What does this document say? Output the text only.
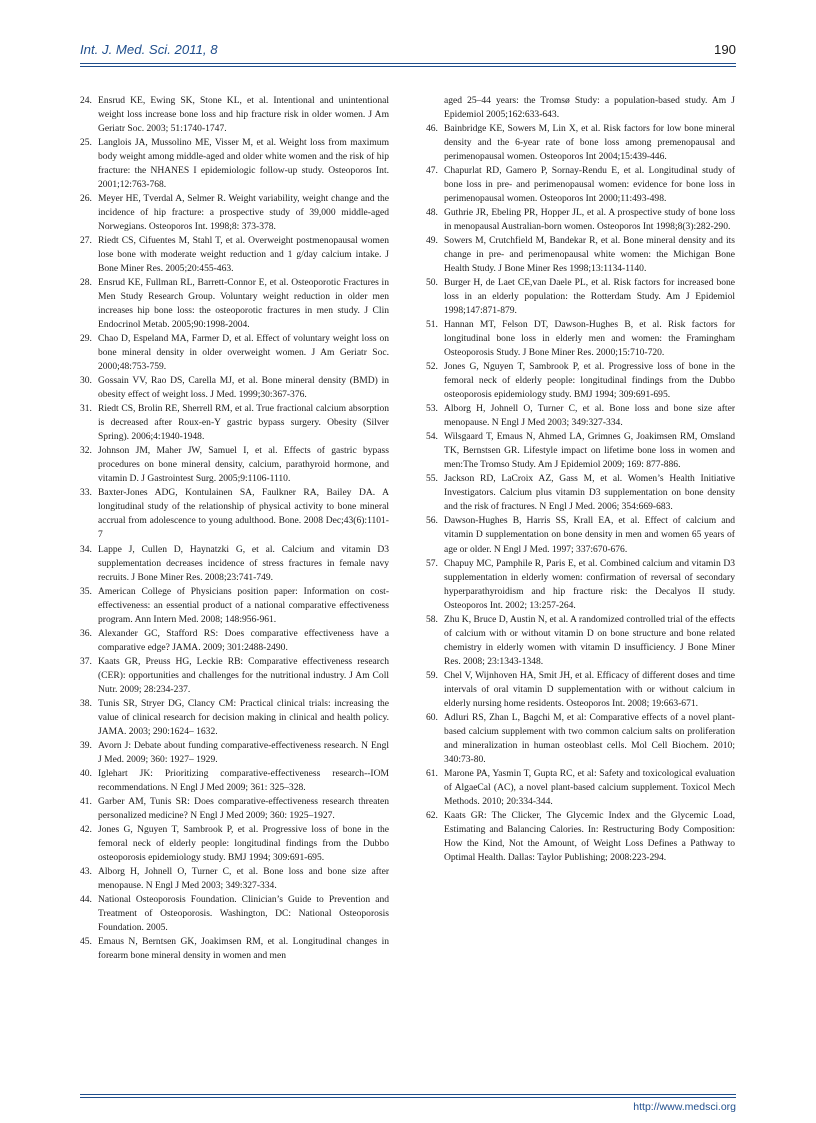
Int. J. Med. Sci. 2011, 8	190

24. Ensrud KE, Ewing SK, Stone KL, et al. Intentional and unintentional weight loss increase bone loss and hip fracture risk in older women. J Am Geriatr Soc. 2003; 51:1740-1747.

25. Langlois JA, Mussolino ME, Visser M, et al. Weight loss from maximum body weight among middle-aged and older white women and the risk of hip fracture: the NHANES I epidemiologic follow-up study. Osteoporos Int. 2001;12:763-768.

26. Meyer HE, Tverdal A, Selmer R. Weight variability, weight change and the incidence of hip fracture: a prospective study of 39,000 middle-aged Norwegians. Osteoporos Int. 1998;8: 373-378.

27. Riedt CS, Cifuentes M, Stahl T, et al. Overweight postmenopausal women lose bone with moderate weight reduction and 1 g/day calcium intake. J Bone Miner Res. 2005;20:455-463.

28. Ensrud KE, Fullman RL, Barrett-Connor E, et al. Osteoporotic Fractures in Men Study Research Group. Voluntary weight reduction in older men increases hip bone loss: the osteoporotic fractures in men study. J Clin Endocrinol Metab. 2005;90:1998-2004.

29. Chao D, Espeland MA, Farmer D, et al. Effect of voluntary weight loss on bone mineral density in older overweight women. J Am Geriatr Soc. 2000;48:753-759.

30. Gossain VV, Rao DS, Carella MJ, et al. Bone mineral density (BMD) in obesity effect of weight loss. J Med. 1999;30:367-376.

31. Riedt CS, Brolin RE, Sherrell RM, et al. True fractional calcium absorption is decreased after Roux-en-Y gastric bypass surgery. Obesity (Silver Spring). 2006;4:1940-1948.

32. Johnson JM, Maher JW, Samuel I, et al. Effects of gastric bypass procedures on bone mineral density, calcium, parathyroid hormone, and vitamin D. J Gastrointest Surg. 2005;9:1106-1110.

33. Baxter-Jones ADG, Kontulainen SA, Faulkner RA, Bailey DA. A longitudinal study of the relationship of physical activity to bone mineral accrual from adolescence to young adulthood. Bone. 2008 Dec;43(6):1101-7

34. Lappe J, Cullen D, Haynatzki G, et al. Calcium and vitamin D3 supplementation decreases incidence of stress fractures in female navy recruits. J Bone Miner Res. 2008;23:741-749.

35. American College of Physicians position paper: Information on cost-effectiveness: an essential product of a national comparative effectiveness program. Ann Intern Med. 2008; 148:956-961.

36. Alexander GC, Stafford RS: Does comparative effectiveness have a comparative edge? JAMA. 2009; 301:2488-2490.

37. Kaats GR, Preuss HG, Leckie RB: Comparative effectiveness research (CER): opportunities and challenges for the nutritional industry. J Am Coll Nutr. 2009; 28:234-237.

38. Tunis SR, Stryer DG, Clancy CM: Practical clinical trials: increasing the value of clinical research for decision making in clinical and health policy. JAMA. 2003; 290:1624– 1632.

39. Avorn J: Debate about funding comparative-effectiveness research. N Engl J Med. 2009; 360: 1927– 1929.

40. Iglehart JK: Prioritizing comparative-effectiveness research--IOM recommendations. N Engl J Med 2009; 361: 325–328.

41. Garber AM, Tunis SR: Does comparative-effectiveness research threaten personalized medicine? N Engl J Med 2009; 360: 1925–1927.

42. Jones G, Nguyen T, Sambrook P, et al. Progressive loss of bone in the femoral neck of elderly people: longitudinal findings from the Dubbo osteoporosis epidemiology study. BMJ 1994; 309:691-695.

43. Alborg H, Johnell O, Turner C, et al. Bone loss and bone size after menopause. N Engl J Med 2003; 349:327-334.

44. National Osteoporosis Foundation. Clinician’s Guide to Prevention and Treatment of Osteoporosis. Washington, DC: National Osteoporosis Foundation. 2005.

45. Emaus N, Berntsen GK, Joakimsen RM, et al. Longitudinal changes in forearm bone mineral density in women and men

aged 25–44 years: the Tromsø Study: a population-based study. Am J Epidemiol 2005;162:633-643.

46. Bainbridge KE, Sowers M, Lin X, et al. Risk factors for low bone mineral density and the 6-year rate of bone loss among premenopausal and perimenopausal women. Osteoporos Int 2004;15:439-446.

47. Chapurlat RD, Gamero P, Sornay-Rendu E, et al. Longitudinal study of bone loss in pre- and perimenopausal women: evidence for bone loss in perimenopausal women. Osteoporos Int 2000;11:493-498.

48. Guthrie JR, Ebeling PR, Hopper JL, et al. A prospective study of bone loss in menopausal Australian-born women. Osteoporos Int 1998;8(3):282-290.

49. Sowers M, Crutchfield M, Bandekar R, et al. Bone mineral density and its change in pre- and perimenopausal white women: the Michigan Bone Health Study. J Bone Miner Res 1998;13:1134-1140.

50. Burger H, de Laet CE,van Daele PL, et al. Risk factors for increased bone loss in an elderly population: the Rotterdam Study. Am J Epidemiol 1998;147:871-879.

51. Hannan MT, Felson DT, Dawson-Hughes B, et al. Risk factors for longitudinal bone loss in elderly men and women: the Framingham Osteoporosis Study. J Bone Miner Res. 2000;15:710-720.

52. Jones G, Nguyen T, Sambrook P, et al. Progressive loss of bone in the femoral neck of elderly people: longitudinal findings from the Dubbo osteoporosis epidemiology study. BMJ 1994; 309:691-695.

53. Alborg H, Johnell O, Turner C, et al. Bone loss and bone size after menopause. N Engl J Med 2003; 349:327-334.

54. Wilsgaard T, Emaus N, Ahmed LA, Grimnes G, Joakimsen RM, Omsland TK, Bernstsen GR. Lifestyle impact on lifetime bone loss in women and men:The Tromso Study. Am J Epidemiol 2009; 169: 877-886.

55. Jackson RD, LaCroix AZ, Gass M, et al. Women’s Health Initiative Investigators. Calcium plus vitamin D3 supplementation on bone density and the risk of fractures. N Engl J Med. 2006; 354:669-683.

56. Dawson-Hughes B, Harris SS, Krall EA, et al. Effect of calcium and vitamin D supplementation on bone density in men and women 65 years of age or older. N Engl J Med. 1997; 337:670-676.

57. Chapuy MC, Pamphile R, Paris E, et al. Combined calcium and vitamin D3 supplementation in elderly women: confirmation of reversal of secondary hyperparathyroidism and hip fracture risk: the Decalyos II study. Osteoporos Int. 2002; 13:257-264.

58. Zhu K, Bruce D, Austin N, et al. A randomized controlled trial of the effects of calcium with or without vitamin D on bone structure and bone related chemistry in elderly women with vitamin D insufficiency. J Bone Miner Res. 2008; 23:1343-1348.

59. Chel V, Wijnhoven HA, Smit JH, et al. Efficacy of different doses and time intervals of oral vitamin D supplementation with or without calcium in elderly nursing home residents. Osteoporos Int. 2008; 19:663-671.

60. Adluri RS, Zhan L, Bagchi M, et al: Comparative effects of a novel plant-based calcium supplement with two common calcium salts on proliferation and mineralization in human osteoblast cells. Mol Cell Biochem. 2010; 340:73-80.

61. Marone PA, Yasmin T, Gupta RC, et al: Safety and toxicological evaluation of AlgaeCal (AC), a novel plant-based calcium supplement. Toxicol Mech Methods. 2010; 20:334-344.

62. Kaats GR: The Clicker, The Glycemic Index and the Glycemic Load, Estimating and Balancing Calories. In: Restructuring Body Composition: How the Kind, Not the Amount, of Weight Loss Defines a Pathway to Optimal Health. Dallas: Taylor Publishing; 2008:223-294.

http://www.medsci.org
